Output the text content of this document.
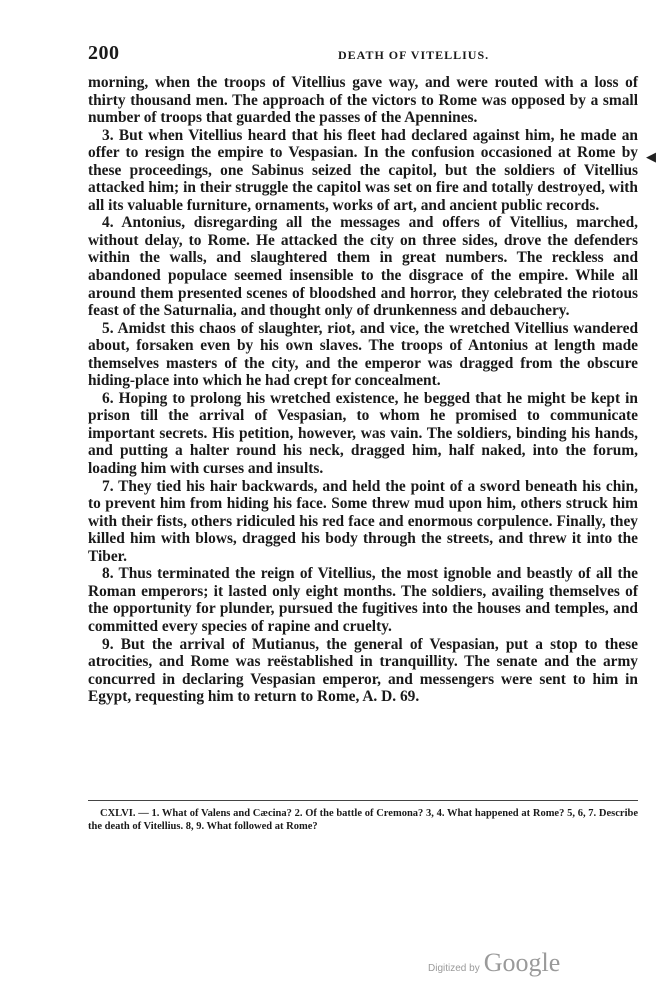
200	DEATH OF VITELLIUS.

morning, when the troops of Vitellius gave way, and were routed with a loss of thirty thousand men. The approach of the victors to Rome was opposed by a small number of troops that guarded the passes of the Apennines.

3. But when Vitellius heard that his fleet had declared against him, he made an offer to resign the empire to Vespasian. In the confusion occasioned at Rome by these proceedings, one Sabinus seized the capitol, but the soldiers of Vitellius attacked him; in their struggle the capitol was set on fire and totally destroyed, with all its valuable furniture, ornaments, works of art, and ancient public records.

4. Antonius, disregarding all the messages and offers of Vitellius, marched, without delay, to Rome. He attacked the city on three sides, drove the defenders within the walls, and slaughtered them in great numbers. The reckless and abandoned populace seemed insensible to the disgrace of the empire. While all around them presented scenes of bloodshed and horror, they celebrated the riotous feast of the Saturnalia, and thought only of drunkenness and debauchery.

5. Amidst this chaos of slaughter, riot, and vice, the wretched Vitellius wandered about, forsaken even by his own slaves. The troops of Antonius at length made themselves masters of the city, and the emperor was dragged from the obscure hiding-place into which he had crept for concealment.

6. Hoping to prolong his wretched existence, he begged that he might be kept in prison till the arrival of Vespasian, to whom he promised to communicate important secrets. His petition, however, was vain. The soldiers, binding his hands, and putting a halter round his neck, dragged him, half naked, into the forum, loading him with curses and insults.

7. They tied his hair backwards, and held the point of a sword beneath his chin, to prevent him from hiding his face. Some threw mud upon him, others struck him with their fists, others ridiculed his red face and enormous corpulence. Finally, they killed him with blows, dragged his body through the streets, and threw it into the Tiber.

8. Thus terminated the reign of Vitellius, the most ignoble and beastly of all the Roman emperors; it lasted only eight months. The soldiers, availing themselves of the opportunity for plunder, pursued the fugitives into the houses and temples, and committed every species of rapine and cruelty.

9. But the arrival of Mutianus, the general of Vespasian, put a stop to these atrocities, and Rome was reëstablished in tranquillity. The senate and the army concurred in declaring Vespasian emperor, and messengers were sent to him in Egypt, requesting him to return to Rome, A. D. 69.

CXLVI. — 1. What of Valens and Cæcina? 2. Of the battle of Cremona? 3, 4. What happened at Rome? 5, 6, 7. Describe the death of Vitellius. 8, 9. What followed at Rome?
◀
Digitized by Google
